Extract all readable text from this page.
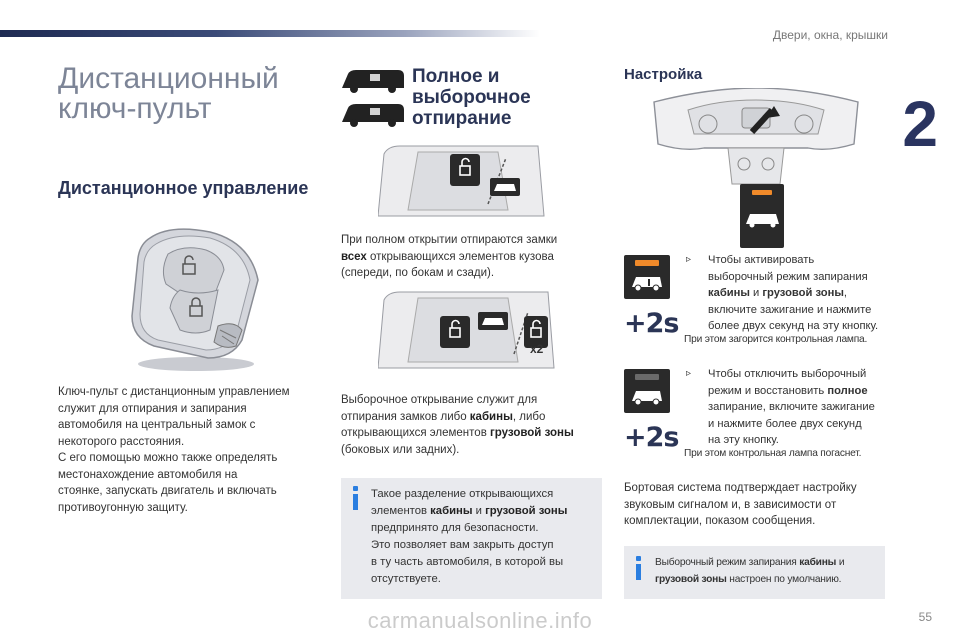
Двери, окна, крышки
2
Дистанционный
ключ-пульт
Дистанционное управление
Ключ-пульт с дистанционным управлением
служит для отпирания и запирания
автомобиля на центральный замок с
некоторого расстояния.
С его помощью можно также определять
местонахождение автомобиля на
стоянке, запускать двигатель и включать
противоугонную защиту.
Полное и
выборочное
отпирание
При полном открытии отпираются замки
всех открывающихся элементов кузова
(спереди, по бокам и сзади).
x2
Выборочное открывание служит для
отпирания замков либо кабины, либо
открывающихся элементов грузовой зоны
(боковых или задних).
Такое разделение открывающихся
элементов кабины и грузовой зоны
предпринято для безопасности.
Это позволяет вам закрыть доступ
в ту часть автомобиля, в которой вы
отсутствуете.
Настройка
+2s
▹ Чтобы активировать
выборочный режим запирания
кабины и грузовой зоны,
включите зажигание и нажмите
более двух секунд на эту кнопку.
При этом загорится контрольная лампа.
+2s
▹ Чтобы отключить выборочный
режим и восстановить полное
запирание, включите зажигание
и нажмите более двух секунд
на эту кнопку.
При этом контрольная лампа погаснет.
Бортовая система подтверждает настройку
звуковым сигналом и, в зависимости от
комплектации, показом сообщения.
Выборочный режим запирания кабины и
грузовой зоны настроен по умолчанию.
carmanualsonline.info	55
